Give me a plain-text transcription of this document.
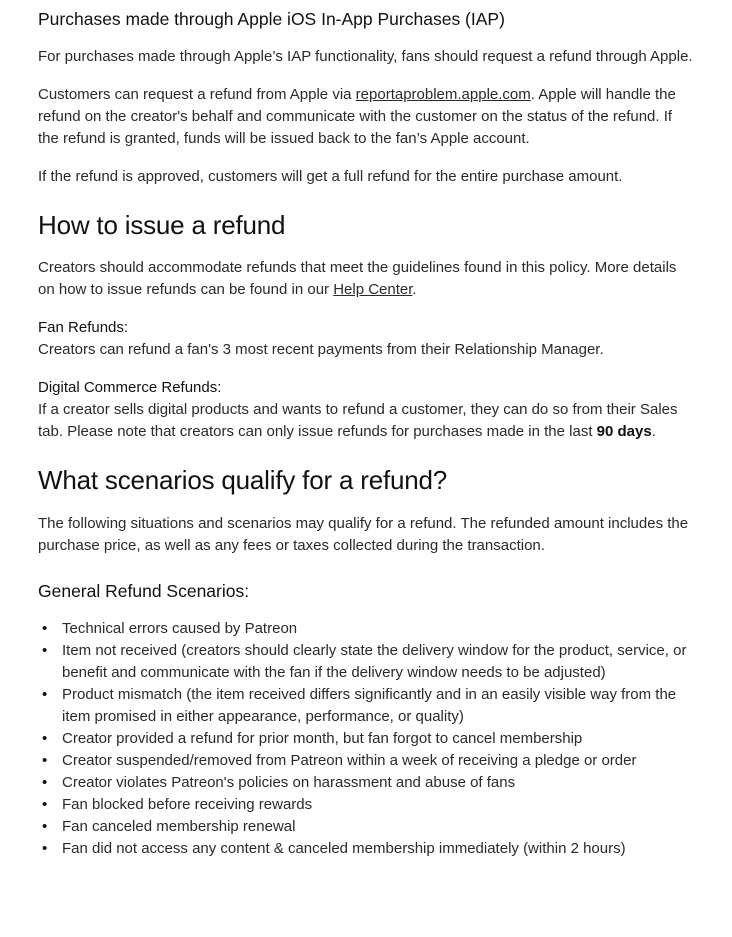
Purchases made through Apple iOS In-App Purchases (IAP)

For purchases made through Apple’s IAP functionality, fans should request a refund through Apple.

Customers can request a refund from Apple via reportaproblem.apple.com. Apple will handle the refund on the creator's behalf and communicate with the customer on the status of the refund. If the refund is granted, funds will be issued back to the fan’s Apple account.

If the refund is approved, customers will get a full refund for the entire purchase amount.

How to issue a refund

Creators should accommodate refunds that meet the guidelines found in this policy. More details on how to issue refunds can be found in our Help Center.

Fan Refunds:
Creators can refund a fan's 3 most recent payments from their Relationship Manager.

Digital Commerce Refunds:
If a creator sells digital products and wants to refund a customer, they can do so from their Sales tab. Please note that creators can only issue refunds for purchases made in the last 90 days.

What scenarios qualify for a refund?

The following situations and scenarios may qualify for a refund. The refunded amount includes the purchase price, as well as any fees or taxes collected during the transaction.

General Refund Scenarios:
• Technical errors caused by Patreon
• Item not received (creators should clearly state the delivery window for the product, service, or benefit and communicate with the fan if the delivery window needs to be adjusted)
• Product mismatch (the item received differs significantly and in an easily visible way from the item promised in either appearance, performance, or quality)
• Creator provided a refund for prior month, but fan forgot to cancel membership
• Creator suspended/removed from Patreon within a week of receiving a pledge or order
• Creator violates Patreon's policies on harassment and abuse of fans
• Fan blocked before receiving rewards
• Fan canceled membership renewal
• Fan did not access any content & canceled membership immediately (within 2 hours)
